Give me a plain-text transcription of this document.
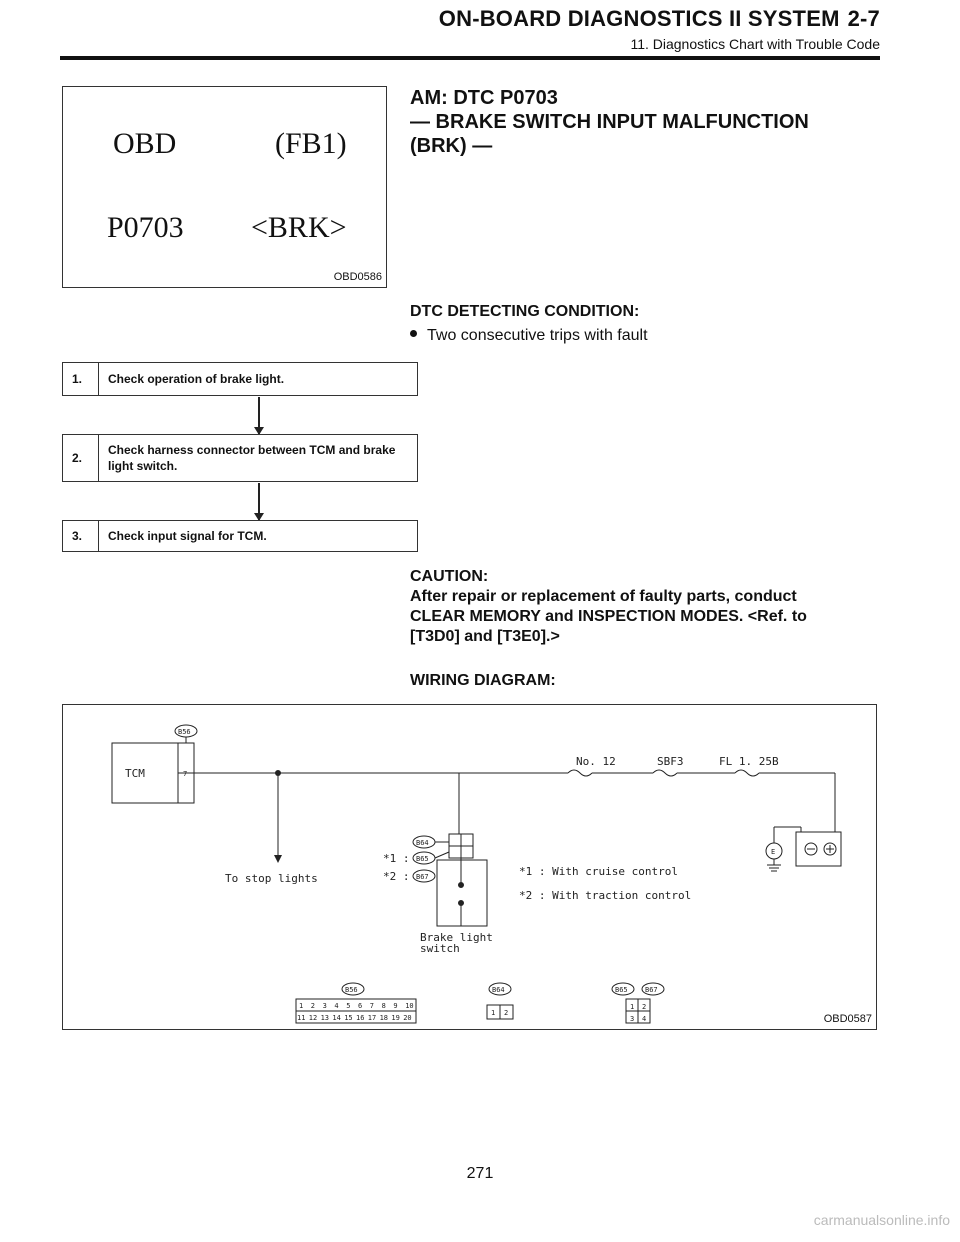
ON-BOARD DIAGNOSTICS II SYSTEM 2-7
11. Diagnostics Chart with Trouble Code
OBD	(FB1)
P0703 <BRK>
OBD0586
AM: DTC P0703
— BRAKE SWITCH INPUT MALFUNCTION
(BRK) —
DTC DETECTING CONDITION:
Two consecutive trips with fault
1.	Check operation of brake light.
2.
Check harness connector between TCM and brake light switch.
3.	Check input signal for TCM.
CAUTION:
After repair or replacement of faulty parts, conduct
CLEAR MEMORY and INSPECTION MODES. <Ref. to
[T3D0] and [T3E0].>
WIRING DIAGRAM:
TCM	7
B56
B64
B65
B67
*1 :
*2 :
No. 12	SBF3	FL 1. 25B
To stop lights
*1 : With cruise control
*2 : With traction control
Brake light
switch
E
B56	B64	B65 B67
1 2 3 4 5 6 7 8 9 10
11 12 13 14 15 16 17 18 19 20
1 2
1 2
3 4	OBD0587
271
carmanualsonline.info
